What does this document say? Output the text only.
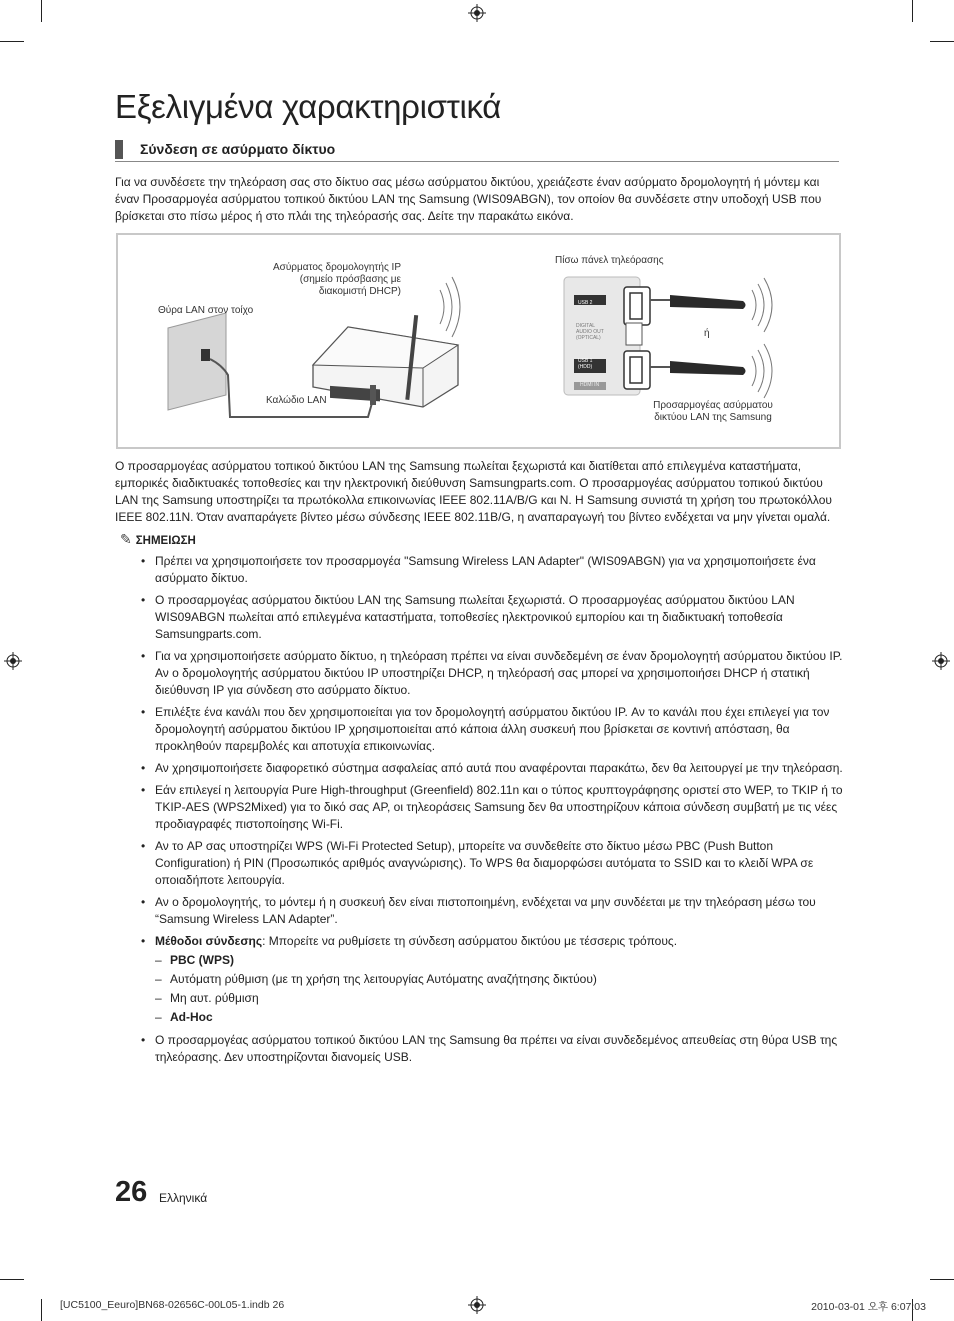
Εξελιγμένα χαρακτηριστικά
Σύνδεση σε ασύρματο δίκτυο
Για να συνδέσετε την τηλεόραση σας στο δίκτυο σας μέσω ασύρματου δικτύου, χρειάζεστε έναν ασύρματο δρομολογητή ή μόντεμ και έναν Προσαρμογέα ασύρματου τοπικού δικτύου LAN της Samsung (WIS09ABGN), τον οποίον θα συνδέσετε στην υποδοχή USB που βρίσκεται στο πίσω μέρος ή στο πλάι της τηλεόρασής σας. Δείτε την παρακάτω εικόνα.
Θύρα LAN στον τοίχο
Ασύρματος δρομολογητής IP
(σημείο πρόσβασης με
διακομιστή DHCP)
Καλώδιο LAN
Πίσω πάνελ τηλεόρασης
USB 2
DIGITAL
AUDIO OUT
(OPTICAL)
USB 1
(HDD)
HDMI IN
ή
Προσαρμογέας ασύρματου
δικτύου LAN της Samsung
Ο προσαρμογέας ασύρματου τοπικού δικτύου LAN της Samsung πωλείται ξεχωριστά και διατίθεται από επιλεγμένα καταστήματα, εμπορικές διαδικτυακές τοποθεσίες και την ηλεκτρονική διεύθυνση Samsungparts.com. Ο προσαρμογέας ασύρματου τοπικού δικτύου LAN της Samsung υποστηρίζει τα πρωτόκολλα επικοινωνίας IEEE 802.11A/B/G και N. Η Samsung συνιστά τη χρήση του πρωτοκόλλου IEEE 802.11N. Όταν αναπαράγετε βίντεο μέσω σύνδεσης IEEE 802.11B/G, η αναπαραγωγή του βίντεο ενδέχεται να μην γίνεται ομαλά.
✎ ΣΗΜΕΙΩΣΗ
• Πρέπει να χρησιμοποιήσετε τον προσαρμογέα "Samsung Wireless LAN Adapter" (WIS09ABGN) για να χρησιμοποιήσετε ένα ασύρματο δίκτυο.
• Ο προσαρμογέας ασύρματου δικτύου LAN της Samsung πωλείται ξεχωριστά. Ο προσαρμογέας ασύρματου δικτύου LAN WIS09ABGN πωλείται από επιλεγμένα καταστήματα, τοποθεσίες ηλεκτρονικού εμπορίου και τη διαδικτυακή τοποθεσία Samsungparts.com.
• Για να χρησιμοποιήσετε ασύρματο δίκτυο, η τηλεόραση πρέπει να είναι συνδεδεμένη σε έναν δρομολογητή ασύρματου δικτύου IP. Αν ο δρομολογητής ασύρματου δικτύου IP υποστηρίζει DHCP, η τηλεόρασή σας μπορεί να χρησιμοποιήσει DHCP ή στατική διεύθυνση IP για σύνδεση στο ασύρματο δίκτυο.
• Επιλέξτε ένα κανάλι που δεν χρησιμοποιείται για τον δρομολογητή ασύρματου δικτύου IP. Αν το κανάλι που έχει επιλεγεί για τον δρομολογητή ασύρματου δικτύου IP χρησιμοποιείται από κάποια άλλη συσκευή που βρίσκεται σε κοντινή απόσταση, θα προκληθούν παρεμβολές και αποτυχία επικοινωνίας.
• Αν χρησιμοποιήσετε διαφορετικό σύστημα ασφαλείας από αυτά που αναφέρονται παρακάτω, δεν θα λειτουργεί με την τηλεόραση.
• Εάν επιλεγεί η λειτουργία Pure High-throughput (Greenfield) 802.11n και ο τύπος κρυπτογράφησης οριστεί στο WEP, το TKIP ή το TKIP-AES (WPS2Mixed) για το δικό σας AP, οι τηλεοράσεις Samsung δεν θα υποστηρίζουν κάποια σύνδεση συμβατή με τις νέες προδιαγραφές πιστοποίησης Wi-Fi.
• Αν το AP σας υποστηρίζει WPS (Wi-Fi Protected Setup), μπορείτε να συνδεθείτε στο δίκτυο μέσω PBC (Push Button Configuration) ή PIN (Προσωπικός αριθμός αναγνώρισης). Το WPS θα διαμορφώσει αυτόματα το SSID και το κλειδί WPA σε οποιαδήποτε λειτουργία.
• Αν ο δρομολογητής, το μόντεμ ή η συσκευή δεν είναι πιστοποιημένη, ενδέχεται να μην συνδέεται με την τηλεόραση μέσω του “Samsung Wireless LAN Adapter”.
• Μέθοδοι σύνδεσης: Μπορείτε να ρυθμίσετε τη σύνδεση ασύρματου δικτύου με τέσσερις τρόπους.
– PBC (WPS)
– Αυτόματη ρύθμιση (με τη χρήση της λειτουργίας Αυτόματης αναζήτησης δικτύου)
– Μη αυτ. ρύθμιση
– Ad-Hoc
• Ο προσαρμογέας ασύρματου τοπικού δικτύου LAN της Samsung θα πρέπει να είναι συνδεδεμένος απευθείας στη θύρα USB της τηλεόρασης. Δεν υποστηρίζονται διανομείς USB.
26 Ελληνικά
[UC5100_Eeuro]BN68-02656C-00L05-1.indb 26	2010-03-01 오후 6:07:03
